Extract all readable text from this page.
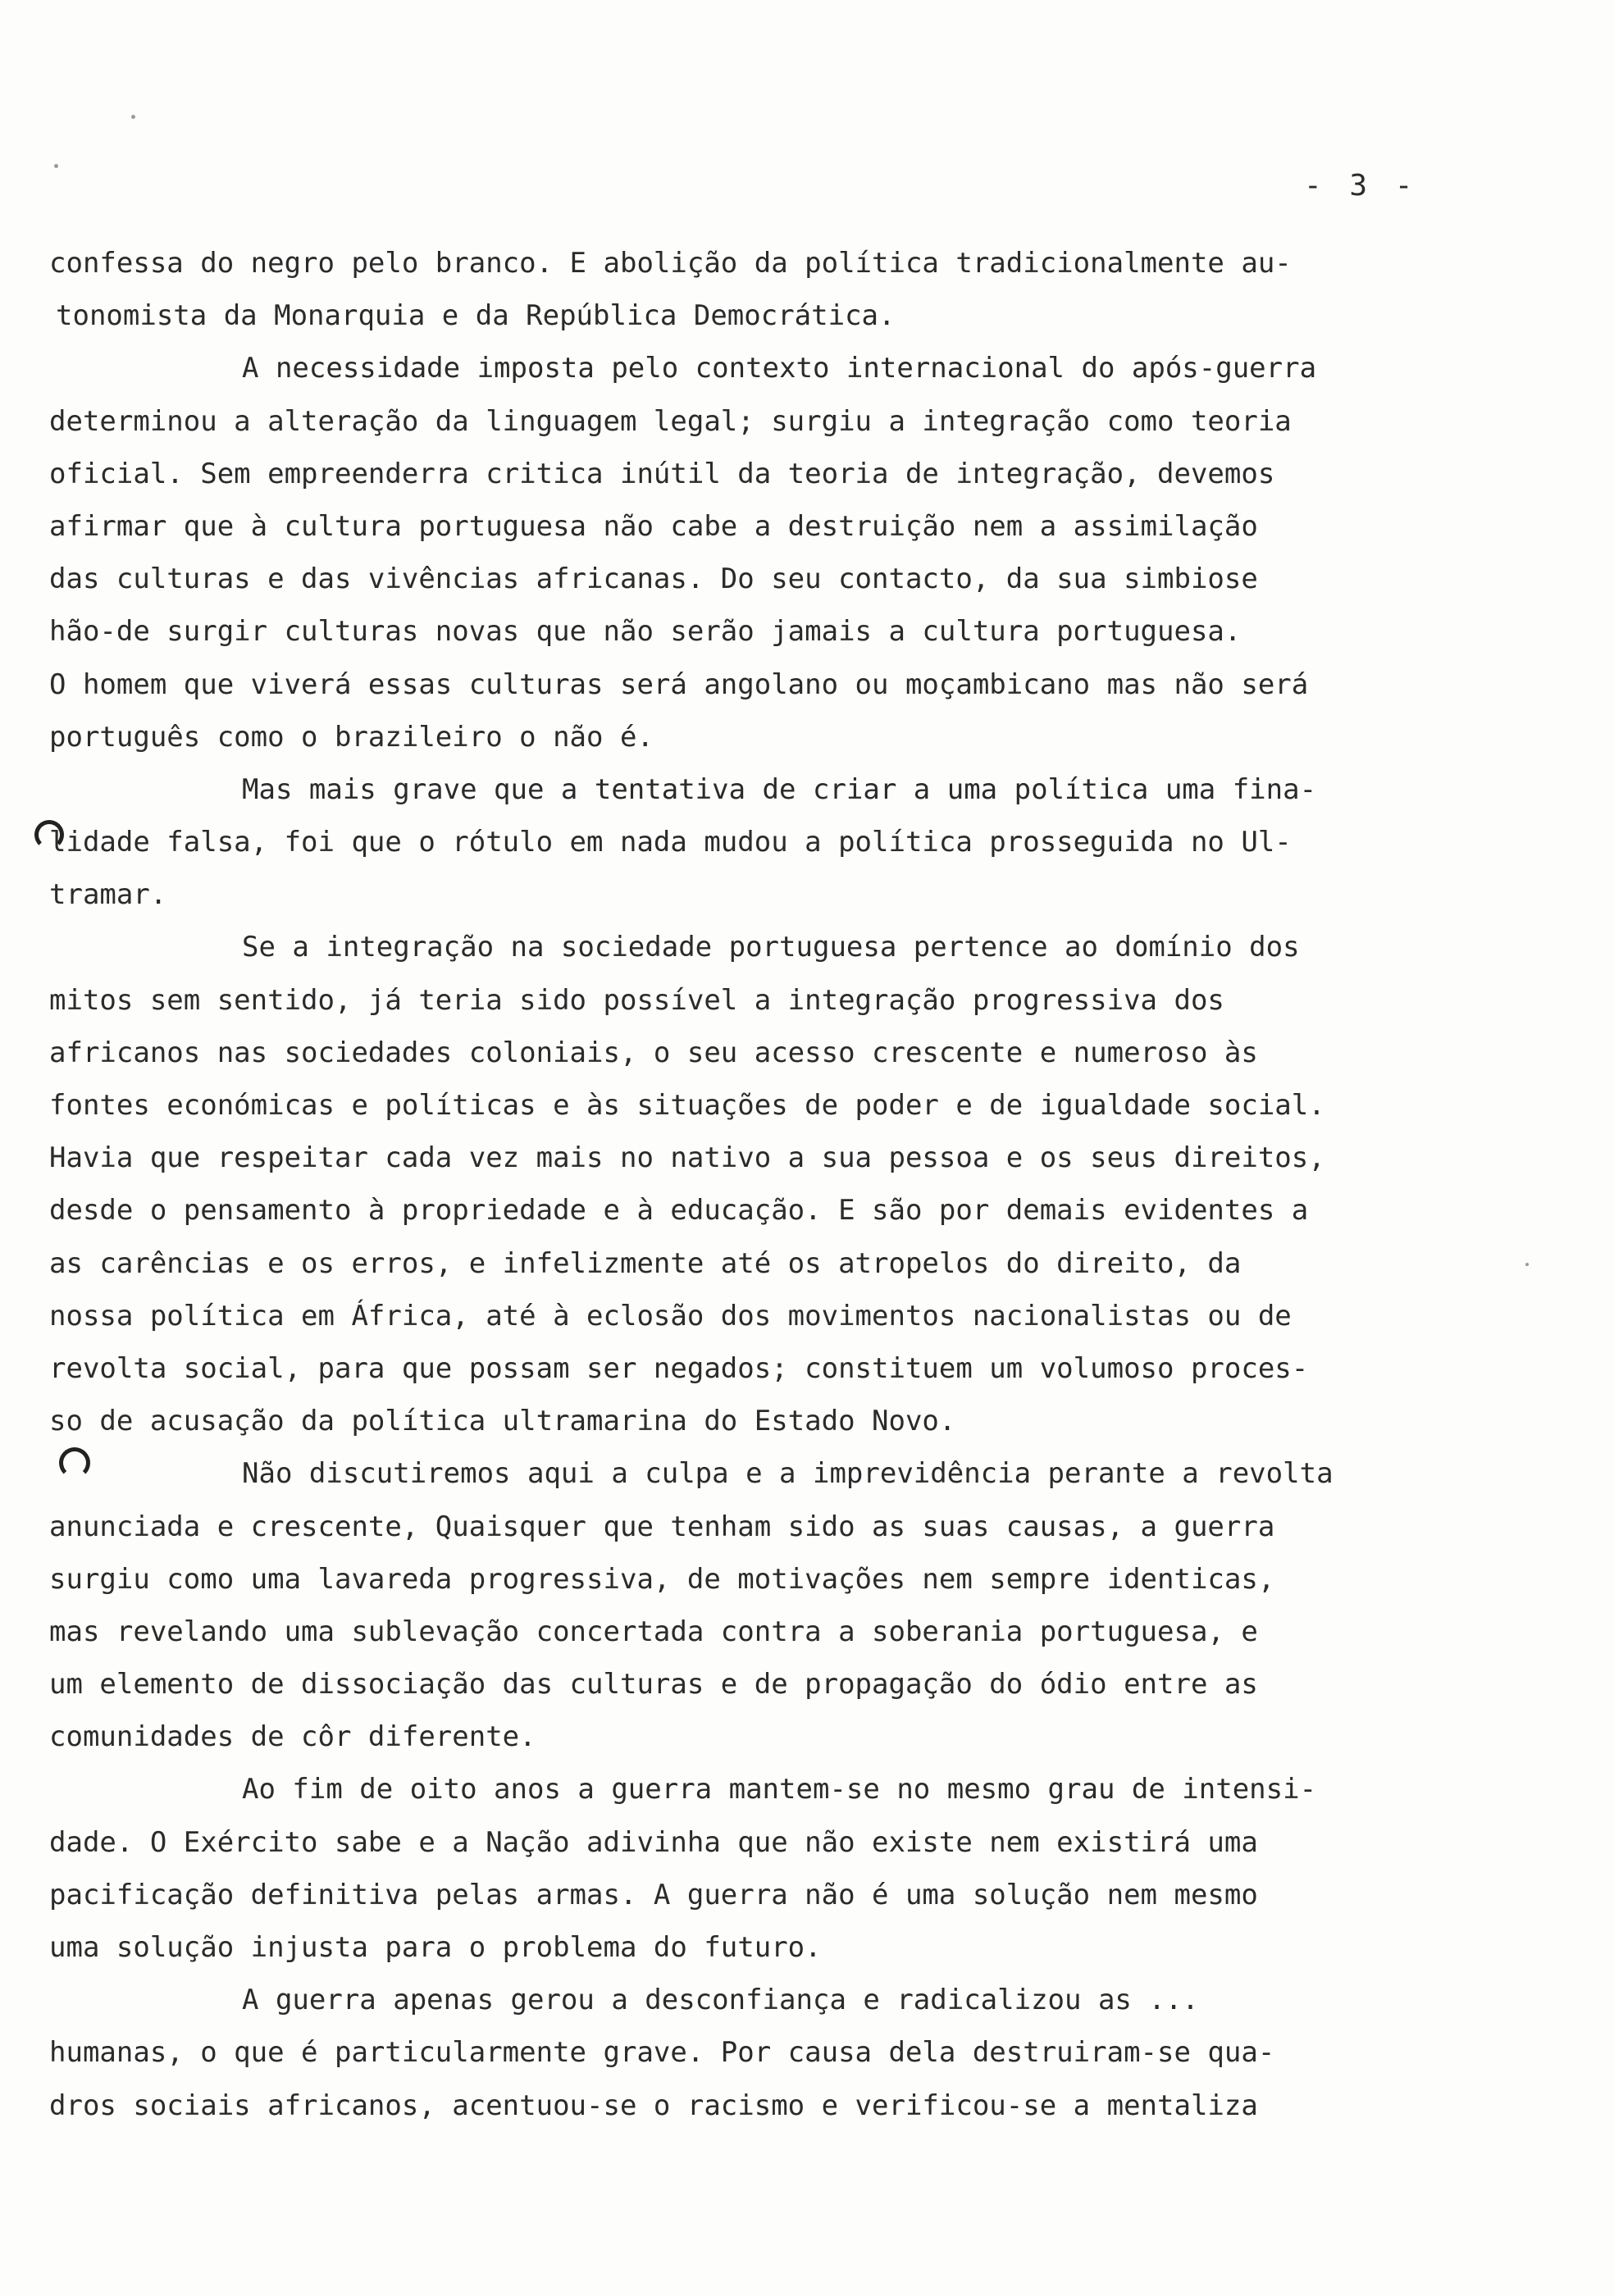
- 3 -
confessa do negro pelo branco. E abolição da política tradicionalmente au-
tonomista da Monarquia e da República Democrática.
A necessidade imposta pelo contexto internacional do após-guerra
determinou a alteração da linguagem legal; surgiu a integração como teoria
oficial. Sem empreenderra critica inútil da teoria de integração, devemos
afirmar que à cultura portuguesa não cabe a destruição nem a assimilação
das culturas e das vivências africanas. Do seu contacto, da sua simbiose
hão-de surgir culturas novas que não serão jamais a cultura portuguesa.
O homem que viverá essas culturas será angolano ou moçambicano mas não será
português como o brazileiro o não é.
Mas mais grave que a tentativa de criar a uma política uma fina-
lidade falsa, foi que o rótulo em nada mudou a política prosseguida no Ul-
tramar.
Se a integração na sociedade portuguesa pertence ao domínio dos
mitos sem sentido, já teria sido possível a integração progressiva dos
africanos nas sociedades coloniais, o seu acesso crescente e numeroso às
fontes económicas e políticas e às situações de poder e de igualdade social.
Havia que respeitar cada vez mais no nativo a sua pessoa e os seus direitos,
desde o pensamento à propriedade e à educação. E são por demais evidentes a
as carências e os erros, e infelizmente até os atropelos do direito, da
nossa política em África, até à eclosão dos movimentos nacionalistas ou de
revolta social, para que possam ser negados; constituem um volumoso proces-
so de acusação da política ultramarina do Estado Novo.
Não discutiremos aqui a culpa e a imprevidência perante a revolta
anunciada e crescente, Quaisquer que tenham sido as suas causas, a guerra
surgiu como uma lavareda progressiva, de motivações nem sempre identicas,
mas revelando uma sublevação concertada contra a soberania portuguesa, e
um elemento de dissociação das culturas e de propagação do ódio entre as
comunidades de côr diferente.
Ao fim de oito anos a guerra mantem-se no mesmo grau de intensi-
dade. O Exército sabe e a Nação adivinha que não existe nem existirá uma
pacificação definitiva pelas armas. A guerra não é uma solução nem mesmo
uma solução injusta para o problema do futuro.
A guerra apenas gerou a desconfiança e radicalizou as ...
humanas, o que é particularmente grave. Por causa dela destruiram-se qua-
dros sociais africanos, acentuou-se o racismo e verificou-se a mentaliza
